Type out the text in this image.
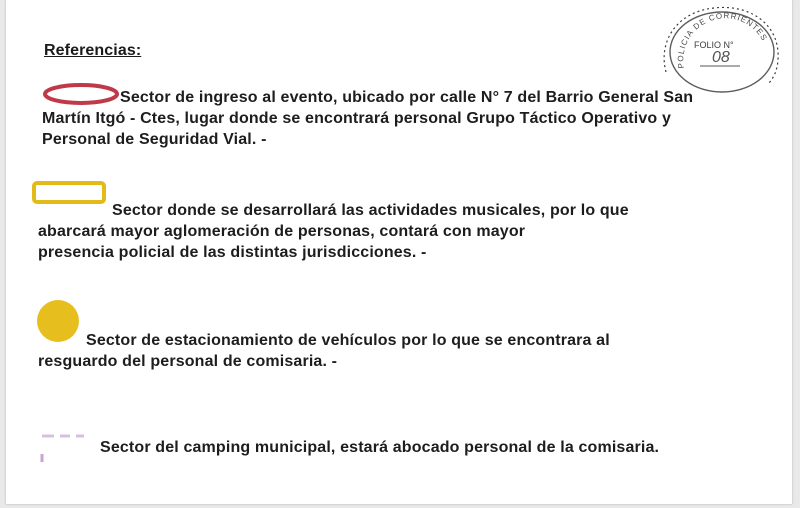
Referencias:
POLICIA DE CORRIENTES
FOLIO N°
08
Sector de ingreso al evento, ubicado por calle N° 7 del Barrio General San
Martín Itgó - Ctes, lugar donde se encontrará personal Grupo Táctico Operativo y
Personal de Seguridad Vial. -
Sector donde se desarrollará las actividades musicales, por lo que
abarcará mayor aglomeración de personas, contará con mayor
presencia policial de las distintas jurisdicciones. -
Sector de estacionamiento de vehículos por lo que se encontrara al
resguardo del personal de comisaria. -
Sector del camping municipal, estará abocado personal de la comisaria.
